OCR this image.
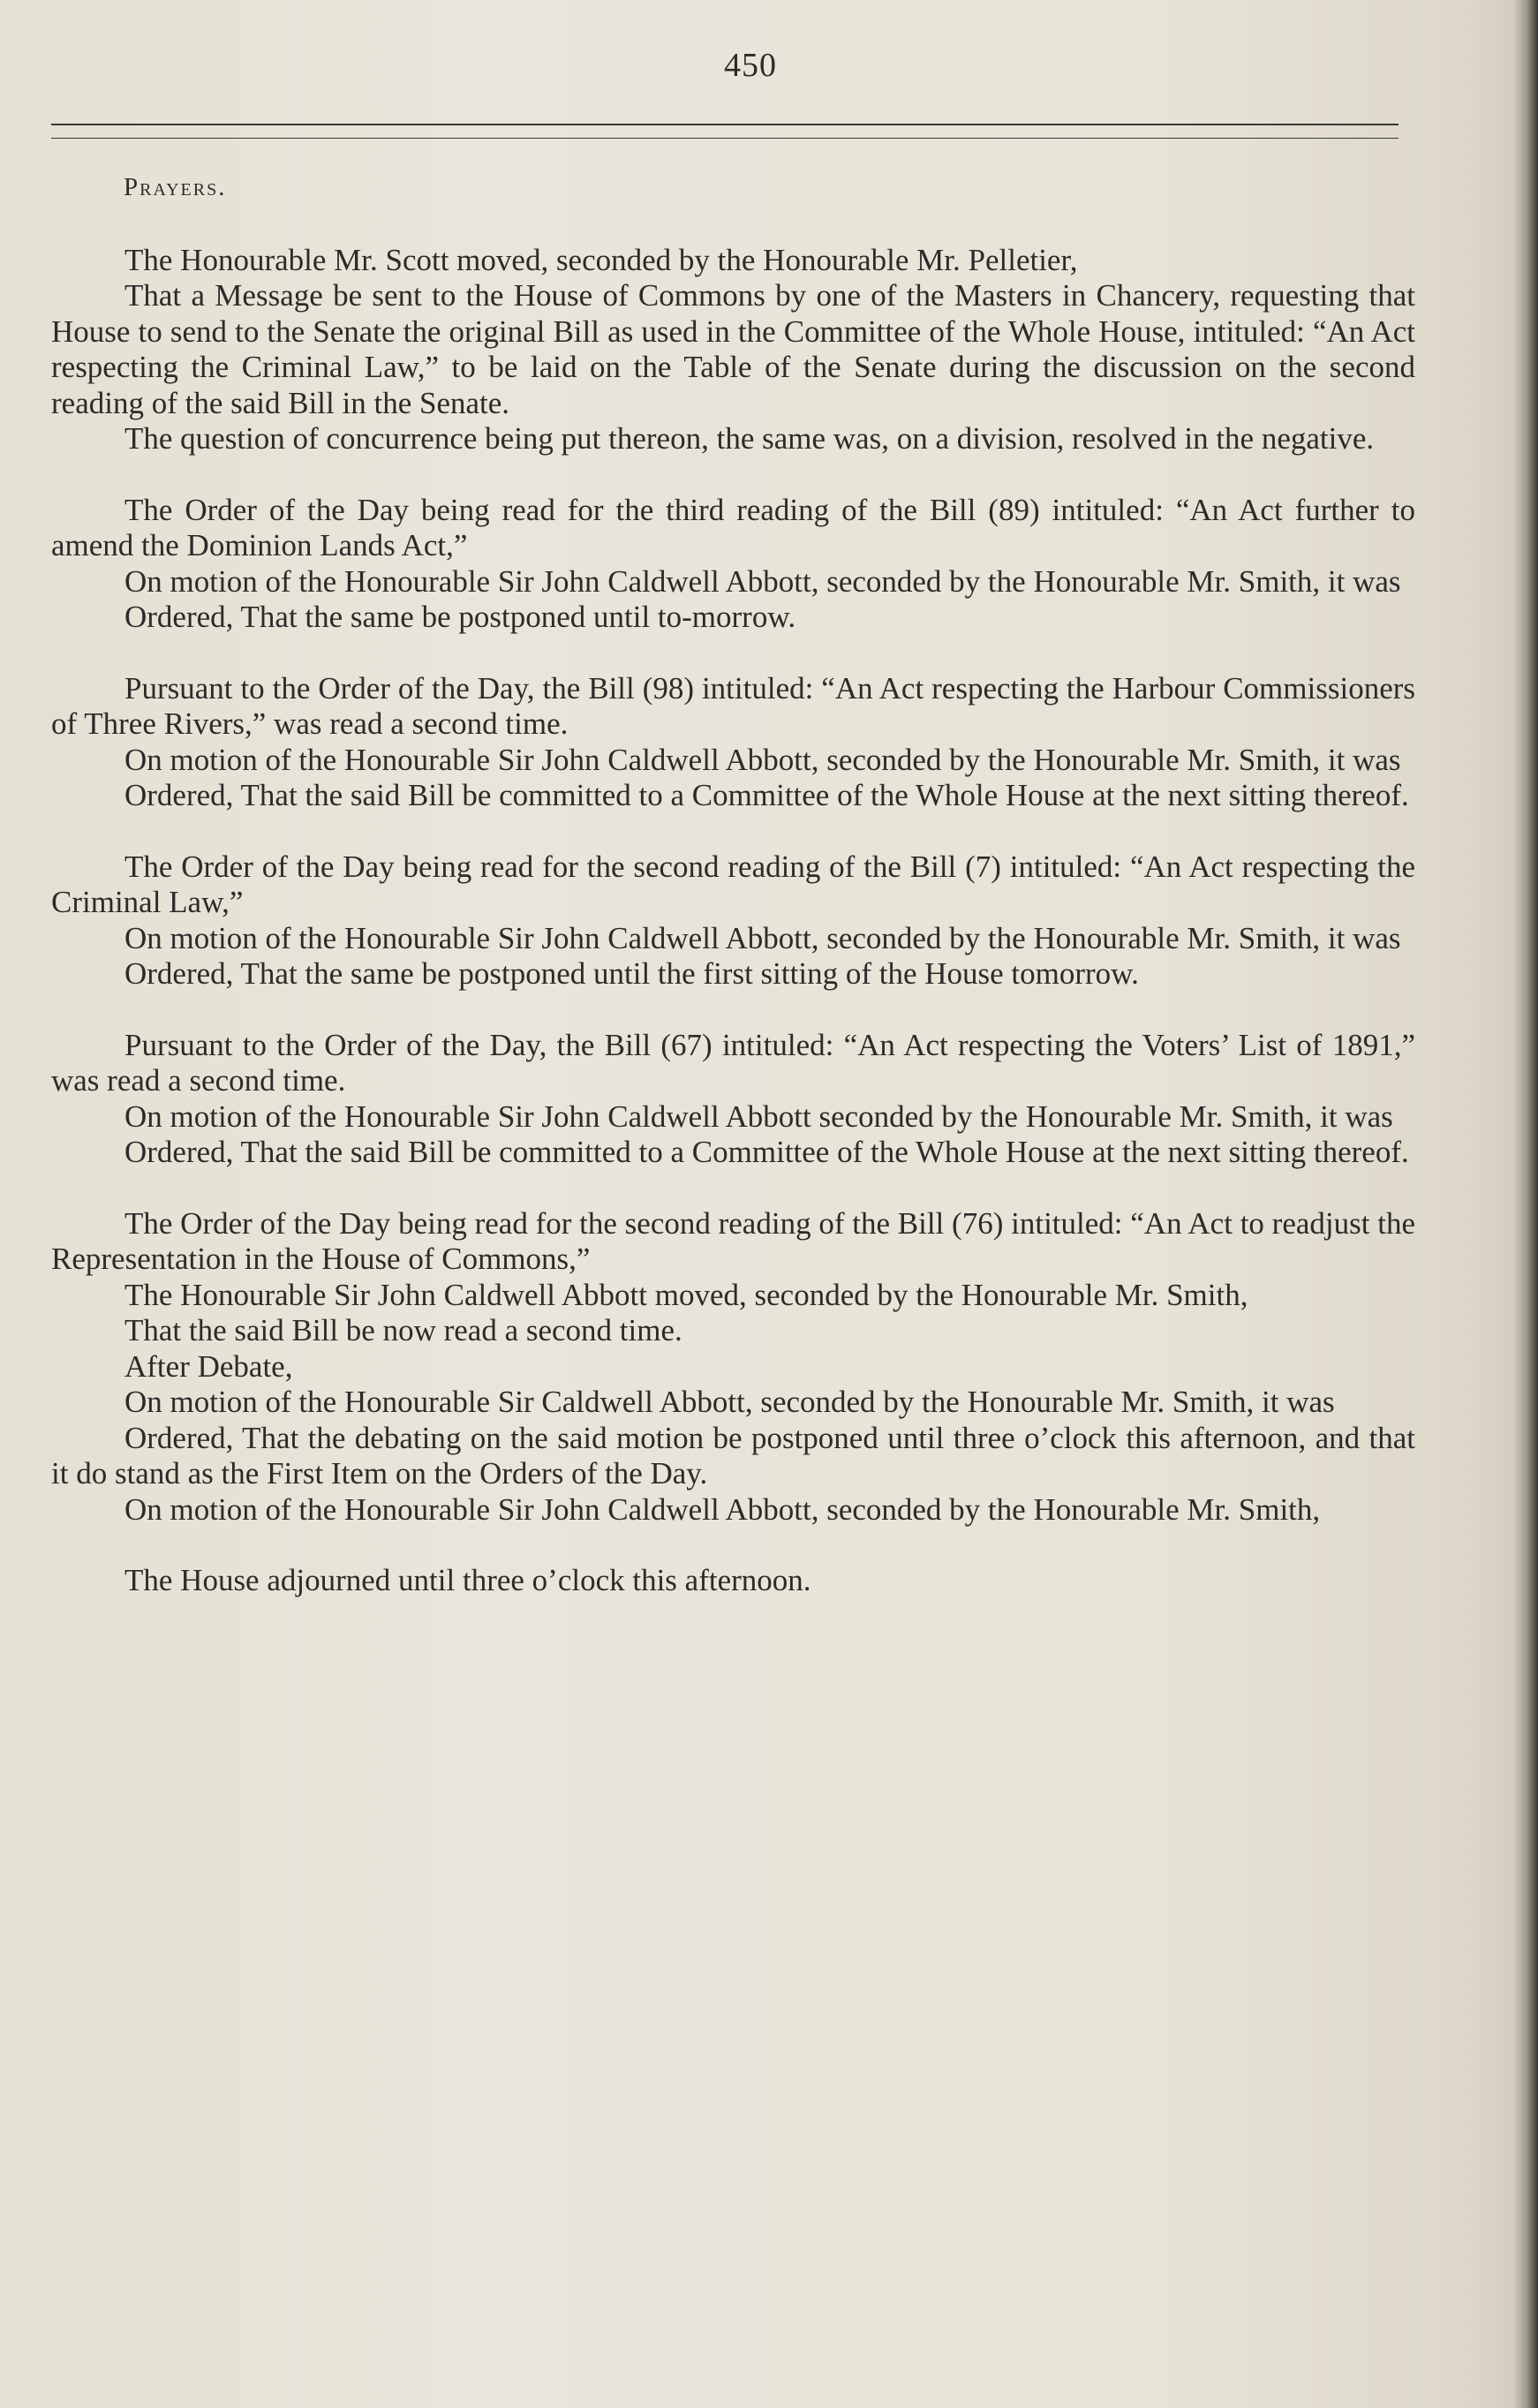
450
Prayers.

The Honourable Mr. Scott moved, seconded by the Honourable Mr. Pelletier,

That a Message be sent to the House of Commons by one of the Masters in Chancery, requesting that House to send to the Senate the original Bill as used in the Committee of the Whole House, intituled: “An Act respecting the Criminal Law,” to be laid on the Table of the Senate during the discussion on the second reading of the said Bill in the Senate.

The question of concurrence being put thereon, the same was, on a division, resolved in the negative.

The Order of the Day being read for the third reading of the Bill (89) intituled: “An Act further to amend the Dominion Lands Act,”

On motion of the Honourable Sir John Caldwell Abbott, seconded by the Honourable Mr. Smith, it was

Ordered, That the same be postponed until to-morrow.

Pursuant to the Order of the Day, the Bill (98) intituled: “An Act respecting the Harbour Commissioners of Three Rivers,” was read a second time.

On motion of the Honourable Sir John Caldwell Abbott, seconded by the Honourable Mr. Smith, it was

Ordered, That the said Bill be committed to a Committee of the Whole House at the next sitting thereof.

The Order of the Day being read for the second reading of the Bill (7) intituled: “An Act respecting the Criminal Law,”

On motion of the Honourable Sir John Caldwell Abbott, seconded by the Honourable Mr. Smith, it was

Ordered, That the same be postponed until the first sitting of the House tomorrow.

Pursuant to the Order of the Day, the Bill (67) intituled: “An Act respecting the Voters’ List of 1891,” was read a second time.

On motion of the Honourable Sir John Caldwell Abbott seconded by the Honourable Mr. Smith, it was

Ordered, That the said Bill be committed to a Committee of the Whole House at the next sitting thereof.

The Order of the Day being read for the second reading of the Bill (76) intituled: “An Act to readjust the Representation in the House of Commons,”

The Honourable Sir John Caldwell Abbott moved, seconded by the Honourable Mr. Smith,

That the said Bill be now read a second time.

After Debate,

On motion of the Honourable Sir Caldwell Abbott, seconded by the Honourable Mr. Smith, it was

Ordered, That the debating on the said motion be postponed until three o’clock this afternoon, and that it do stand as the First Item on the Orders of the Day.

On motion of the Honourable Sir John Caldwell Abbott, seconded by the Honourable Mr. Smith,

The House adjourned until three o’clock this afternoon.
